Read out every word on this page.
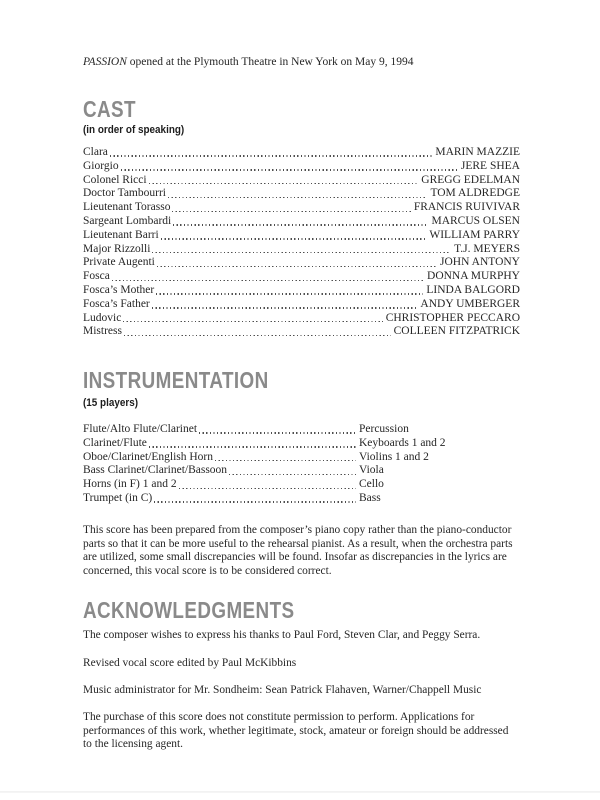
PASSION opened at the Plymouth Theatre in New York on May 9, 1994
CAST
(in order of speaking)
Clara	MARIN MAZZIE
Giorgio	JERE SHEA
Colonel Ricci	GREGG EDELMAN
Doctor Tambourri	TOM ALDREDGE
Lieutenant Torasso	FRANCIS RUIVIVAR
Sargeant Lombardi	MARCUS OLSEN
Lieutenant Barri	WILLIAM PARRY
Major Rizzolli	T.J. MEYERS
Private Augenti	JOHN ANTONY
Fosca	DONNA MURPHY
Fosca’s Mother	LINDA BALGORD
Fosca’s Father	ANDY UMBERGER
Ludovic	CHRISTOPHER PECCARO
Mistress	COLLEEN FITZPATRICK
INSTRUMENTATION
(15 players)
Flute/Alto Flute/Clarinet	Percussion
Clarinet/Flute	Keyboards 1 and 2
Oboe/Clarinet/English Horn	Violins 1 and 2
Bass Clarinet/Clarinet/Bassoon	Viola
Horns (in F) 1 and 2	Cello
Trumpet (in C)	Bass
This score has been prepared from the composer’s piano copy rather than the piano-conductor parts so that it can be more useful to the rehearsal pianist. As a result, when the orchestra parts are utilized, some small discrepancies will be found. Insofar as discrepancies in the lyrics are concerned, this vocal score is to be considered correct.
ACKNOWLEDGMENTS
The composer wishes to express his thanks to Paul Ford, Steven Clar, and Peggy Serra.
Revised vocal score edited by Paul McKibbins
Music administrator for Mr. Sondheim: Sean Patrick Flahaven, Warner/Chappell Music
The purchase of this score does not constitute permission to perform. Applications for performances of this work, whether legitimate, stock, amateur or foreign should be addressed to the licensing agent.
